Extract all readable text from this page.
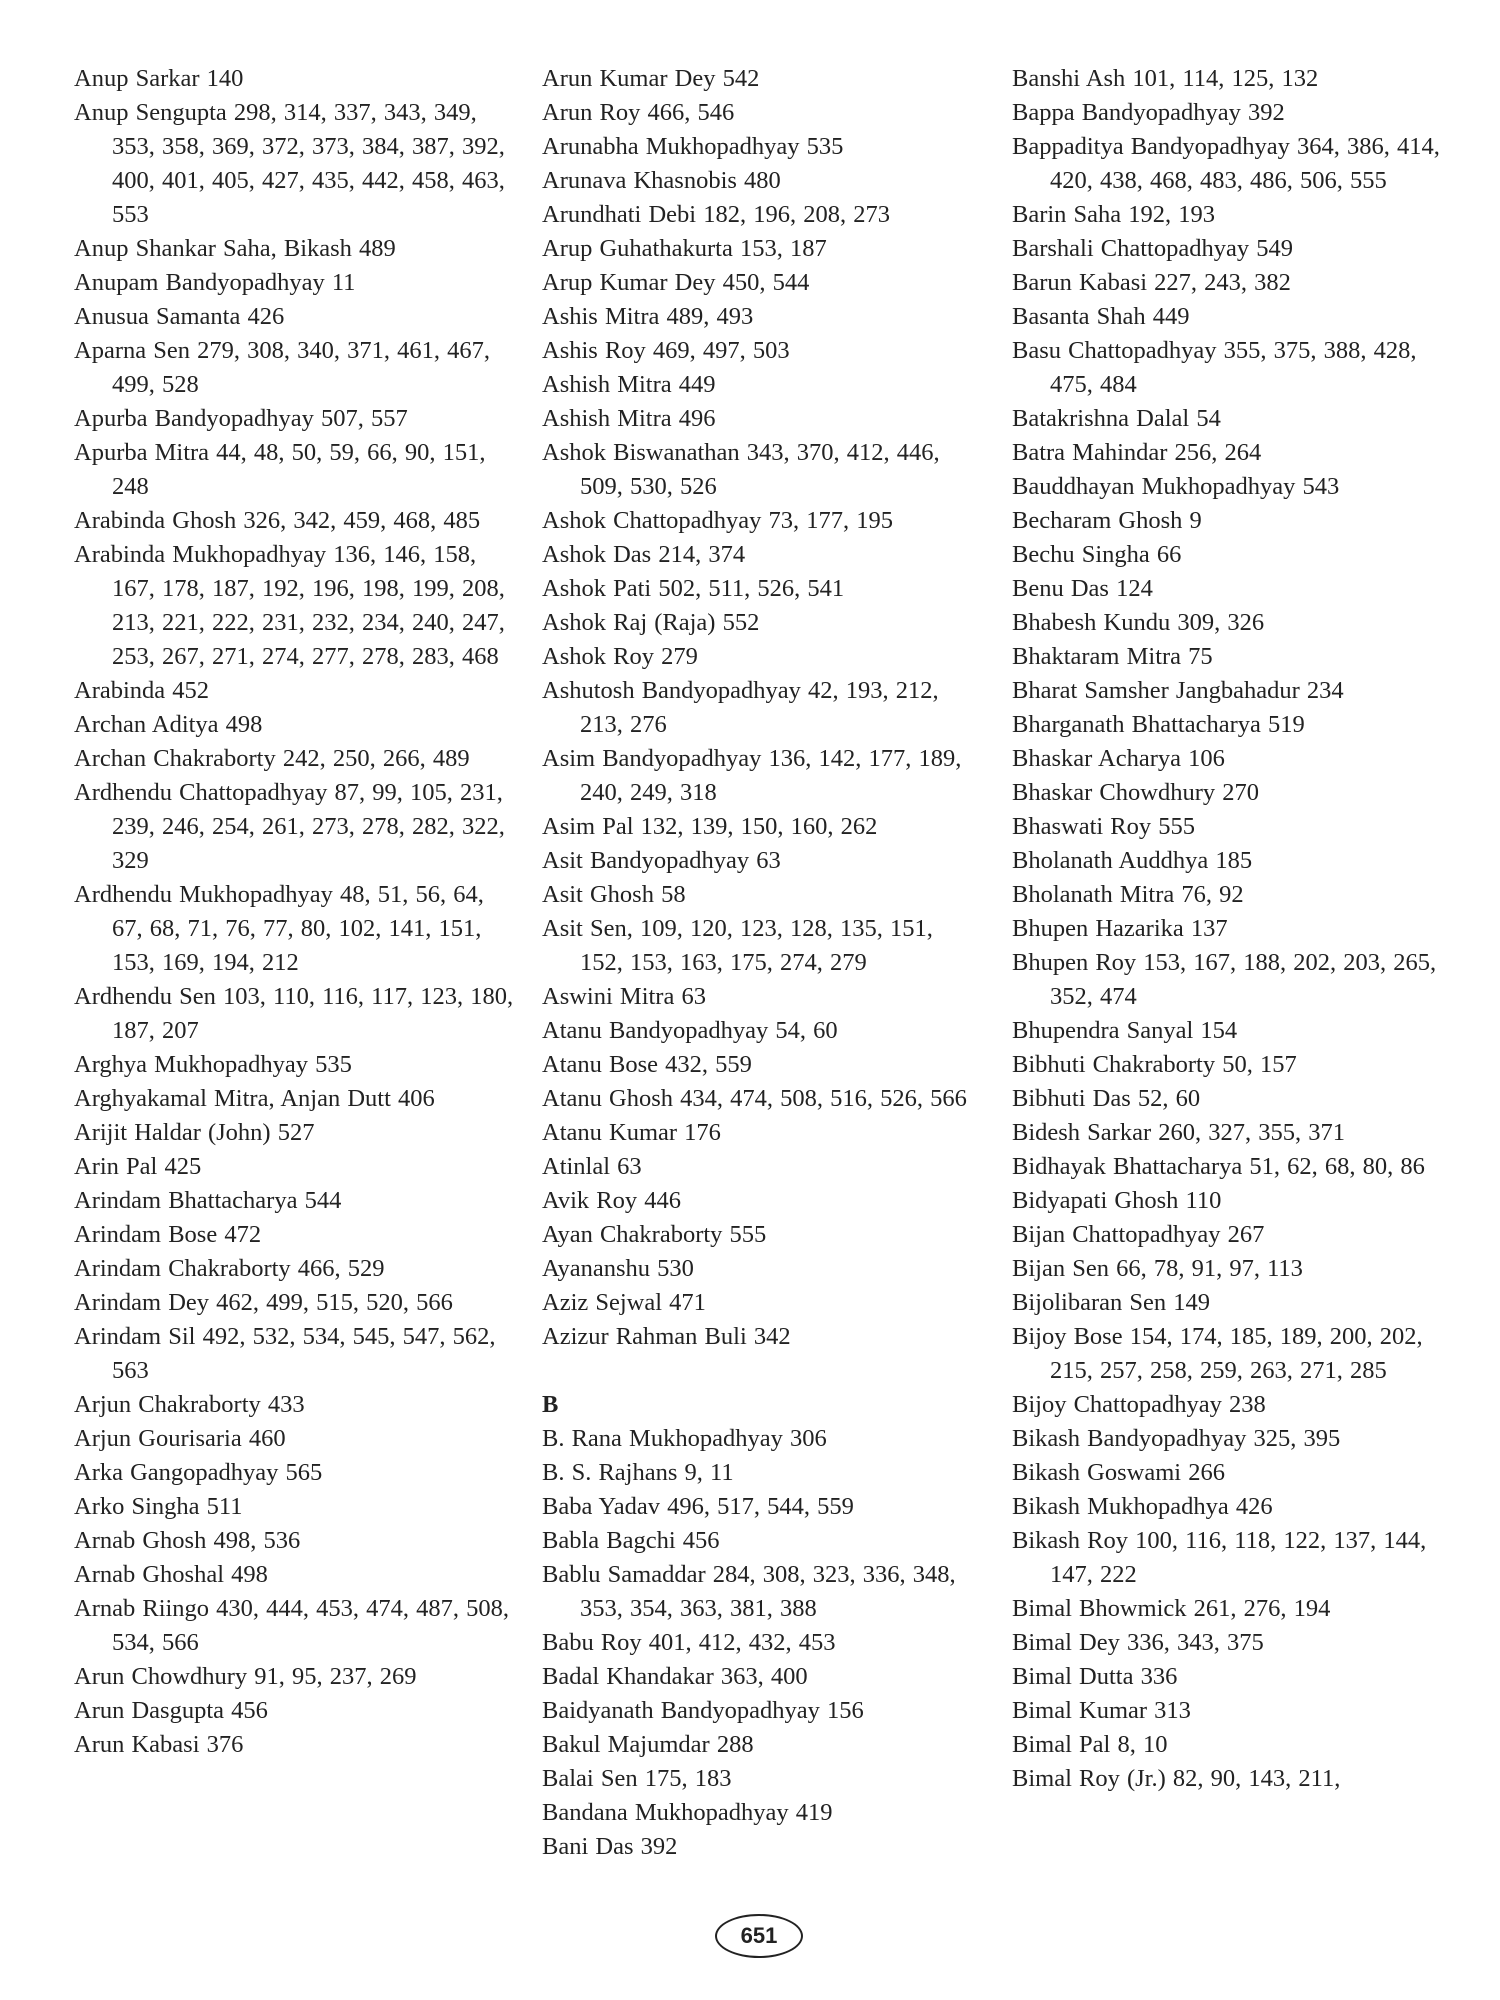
Anup Sarkar 140
Anup Sengupta 298, 314, 337, 343, 349, 353, 358, 369, 372, 373, 384, 387, 392, 400, 401, 405, 427, 435, 442, 458, 463, 553
Anup Shankar Saha, Bikash 489
Anupam Bandyopadhyay 11
Anusua Samanta 426
Aparna Sen 279, 308, 340, 371, 461, 467, 499, 528
Apurba Bandyopadhyay 507, 557
Apurba Mitra 44, 48, 50, 59, 66, 90, 151, 248
Arabinda Ghosh 326, 342, 459, 468, 485
Arabinda Mukhopadhyay 136, 146, 158, 167, 178, 187, 192, 196, 198, 199, 208, 213, 221, 222, 231, 232, 234, 240, 247, 253, 267, 271, 274, 277, 278, 283, 468
Arabinda 452
Archan Aditya 498
Archan Chakraborty 242, 250, 266, 489
Ardhendu Chattopadhyay 87, 99, 105, 231, 239, 246, 254, 261, 273, 278, 282, 322, 329
Ardhendu Mukhopadhyay 48, 51, 56, 64, 67, 68, 71, 76, 77, 80, 102, 141, 151, 153, 169, 194, 212
Ardhendu Sen 103, 110, 116, 117, 123, 180, 187, 207
Arghya Mukhopadhyay 535
Arghyakamal Mitra, Anjan Dutt 406
Arijit Haldar (John) 527
Arin Pal 425
Arindam Bhattacharya 544
Arindam Bose 472
Arindam Chakraborty 466, 529
Arindam Dey 462, 499, 515, 520, 566
Arindam Sil 492, 532, 534, 545, 547, 562, 563
Arjun Chakraborty 433
Arjun Gourisaria 460
Arka Gangopadhyay 565
Arko Singha 511
Arnab Ghosh 498, 536
Arnab Ghoshal 498
Arnab Riingo 430, 444, 453, 474, 487, 508, 534, 566
Arun Chowdhury 91, 95, 237, 269
Arun Dasgupta 456
Arun Kabasi 376
Arun Kumar Dey 542
Arun Roy 466, 546
Arunabha Mukhopadhyay 535
Arunava Khasnobis 480
Arundhati Debi 182, 196, 208, 273
Arup Guhathakurta 153, 187
Arup Kumar Dey 450, 544
Ashis Mitra 489, 493
Ashis Roy 469, 497, 503
Ashish Mitra 449
Ashish Mitra 496
Ashok Biswanathan 343, 370, 412, 446, 509, 530, 526
Ashok Chattopadhyay 73, 177, 195
Ashok Das 214, 374
Ashok Pati 502, 511, 526, 541
Ashok Raj (Raja) 552
Ashok Roy 279
Ashutosh Bandyopadhyay 42, 193, 212, 213, 276
Asim Bandyopadhyay 136, 142, 177, 189, 240, 249, 318
Asim Pal 132, 139, 150, 160, 262
Asit Bandyopadhyay 63
Asit Ghosh 58
Asit Sen, 109, 120, 123, 128, 135, 151, 152, 153, 163, 175, 274, 279
Aswini Mitra 63
Atanu Bandyopadhyay 54, 60
Atanu Bose 432, 559
Atanu Ghosh 434, 474, 508, 516, 526, 566
Atanu Kumar 176
Atinlal 63
Avik Roy 446
Ayan Chakraborty 555
Ayananshu 530
Aziz Sejwal 471
Azizur Rahman Buli 342
B
B. Rana Mukhopadhyay 306
B. S. Rajhans 9, 11
Baba Yadav 496, 517, 544, 559
Babla Bagchi 456
Bablu Samaddar 284, 308, 323, 336, 348, 353, 354, 363, 381, 388
Babu Roy 401, 412, 432, 453
Badal Khandakar 363, 400
Baidyanath Bandyopadhyay 156
Bakul Majumdar 288
Balai Sen 175, 183
Bandana Mukhopadhyay 419
Bani Das 392
Banshi Ash 101, 114, 125, 132
Bappa Bandyopadhyay 392
Bappaditya Bandyopadhyay 364, 386, 414, 420, 438, 468, 483, 486, 506, 555
Barin Saha 192, 193
Barshali Chattopadhyay 549
Barun Kabasi 227, 243, 382
Basanta Shah 449
Basu Chattopadhyay 355, 375, 388, 428, 475, 484
Batakrishna Dalal 54
Batra Mahindar 256, 264
Bauddhayan Mukhopadhyay 543
Becharam Ghosh 9
Bechu Singha 66
Benu Das 124
Bhabesh Kundu 309, 326
Bhaktaram Mitra 75
Bharat Samsher Jangbahadur 234
Bharganath Bhattacharya 519
Bhaskar Acharya 106
Bhaskar Chowdhury 270
Bhaswati Roy 555
Bholanath Auddhya 185
Bholanath Mitra 76, 92
Bhupen Hazarika 137
Bhupen Roy 153, 167, 188, 202, 203, 265, 352, 474
Bhupendra Sanyal 154
Bibhuti Chakraborty 50, 157
Bibhuti Das 52, 60
Bidesh Sarkar 260, 327, 355, 371
Bidhayak Bhattacharya 51, 62, 68, 80, 86
Bidyapati Ghosh 110
Bijan Chattopadhyay 267
Bijan Sen 66, 78, 91, 97, 113
Bijolibaran Sen 149
Bijoy Bose 154, 174, 185, 189, 200, 202, 215, 257, 258, 259, 263, 271, 285
Bijoy Chattopadhyay 238
Bikash Bandyopadhyay 325, 395
Bikash Goswami 266
Bikash Mukhopadhya 426
Bikash Roy 100, 116, 118, 122, 137, 144, 147, 222
Bimal Bhowmick 261, 276, 194
Bimal Dey 336, 343, 375
Bimal Dutta 336
Bimal Kumar 313
Bimal Pal 8, 10
Bimal Roy (Jr.) 82, 90, 143, 211,
651
